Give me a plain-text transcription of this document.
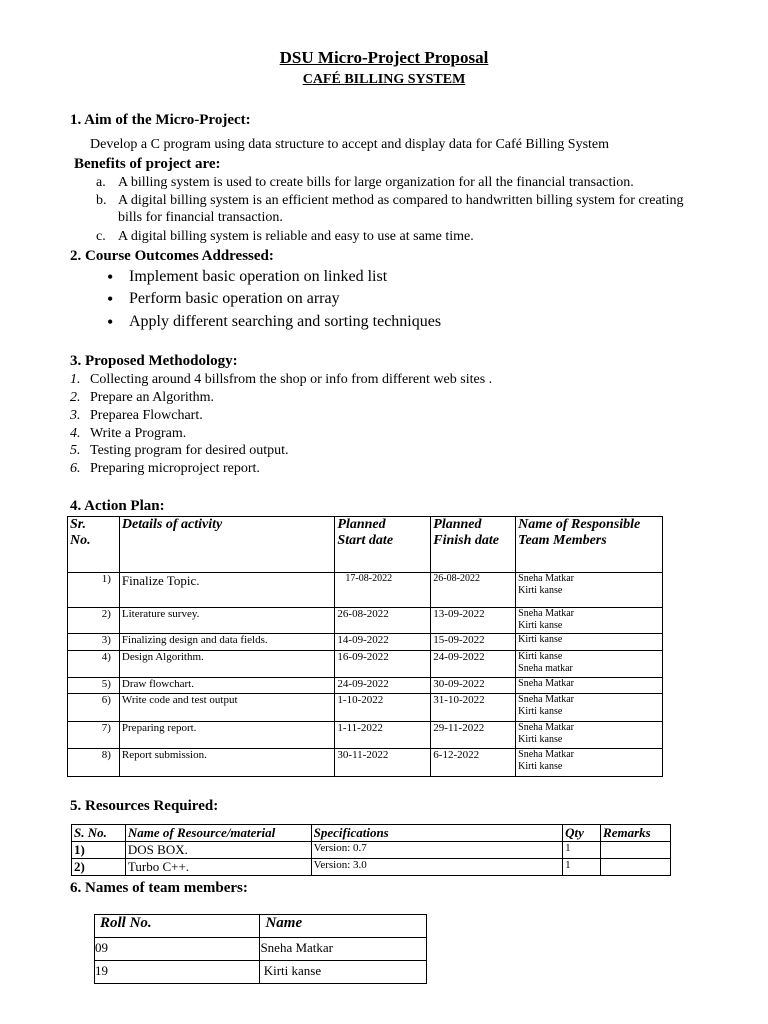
DSU Micro-Project Proposal
CAFÉ BILLING SYSTEM
1. Aim of the Micro-Project:
Develop a C program using data structure to accept and display data for Café Billing System
Benefits of project are:
a. A billing system is used to create bills for large organization for all the financial transaction.
b. A digital billing system is an efficient method as compared to handwritten billing system for creating
bills for financial transaction.
c. A digital billing system is reliable and easy to use at same time.
2. Course Outcomes Addressed:
• Implement basic operation on linked list
• Perform basic operation on array
• Apply different searching and sorting techniques
3. Proposed Methodology:
1. Collecting around 4 billsfrom the shop or info from different web sites .
2. Prepare an Algorithm.
3. Preparea Flowchart.
4. Write a Program.
5. Testing program for desired output.
6. Preparing microproject report.
4. Action Plan:
Sr.
No.	Details of activity	Planned
Start date	Planned
Finish date	Name of Responsible
Team Members
1)	Finalize Topic.	17-08-2022	26-08-2022	Sneha Matkar
Kirti kanse
2)	Literature survey.	26-08-2022	13-09-2022	Sneha Matkar
Kirti kanse
3)	Finalizing design and data fields.	14-09-2022	15-09-2022	Kirti kanse
4)	Design Algorithm.	16-09-2022	24-09-2022	Kirti kanse
Sneha matkar
5)	Draw flowchart.	24-09-2022	30-09-2022	Sneha Matkar
6)	Write code and test output	1-10-2022	31-10-2022	Sneha Matkar
Kirti kanse
7)	Preparing report.	1-11-2022	29-11-2022	Sneha Matkar
Kirti kanse
8)	Report submission.	30-11-2022	6-12-2022	Sneha Matkar
Kirti kanse
5. Resources Required:
S. No.	Name of Resource/material	Specifications	Qty	Remarks
1)	DOS BOX.	Version: 0.7	1	
2)	Turbo C++.	Version: 3.0	1	
6. Names of team members:
Roll No.	Name
09	Sneha Matkar
19	Kirti kanse
